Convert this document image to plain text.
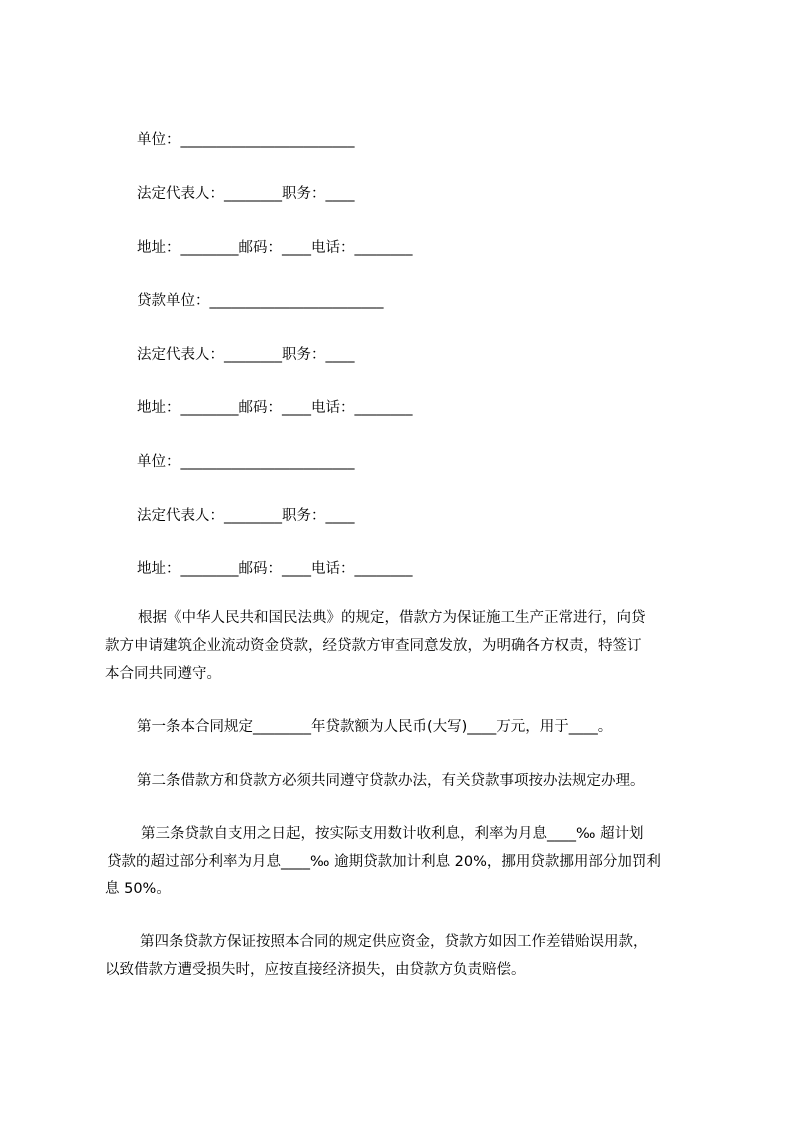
单位：________________________
法定代表人：________职务：____
地址：________邮码：____电话：________
贷款单位：________________________
法定代表人：________职务：____
地址：________邮码：____电话：________
单位：________________________
法定代表人：________职务：____
地址：________邮码：____电话：________
根据《中华人民共和国民法典》的规定，借款方为保证施工生产正常进行，向贷
款方申请建筑企业流动资金贷款，经贷款方审查同意发放，为明确各方权责，特签订
本合同共同遵守。
第一条本合同规定________年贷款额为人民币(大写)____万元，用于____。
第二条借款方和贷款方必须共同遵守贷款办法，有关贷款事项按办法规定办理。
第三条贷款自支用之日起，按实际支用数计收利息，利率为月息____‰ 超计划
贷款的超过部分利率为月息____‰ 逾期贷款加计利息 20%，挪用贷款挪用部分加罚利
息 50%。
第四条贷款方保证按照本合同的规定供应资金，贷款方如因工作差错贻误用款，
以致借款方遭受损失时，应按直接经济损失，由贷款方负责赔偿。
